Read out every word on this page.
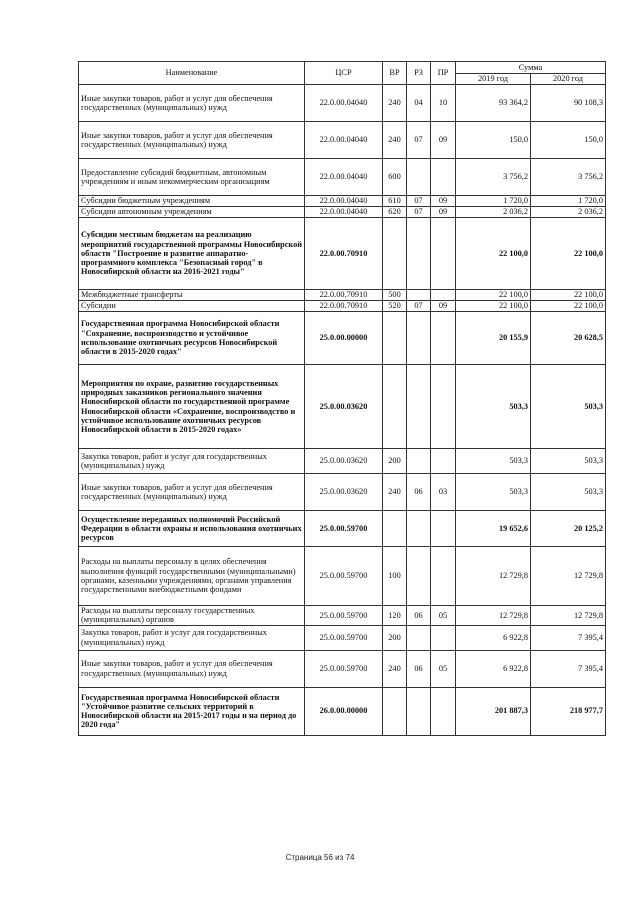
Наименование	ЦСР	ВР	РЗ	ПР	Сумма	
					2019 год	2020 год
Иные закупки товаров, работ и услуг для обеспечения государственных (муниципальных) нужд	22.0.00.04040	240	04	10	93 364,2	90 108,3
Иные закупки товаров, работ и услуг для обеспечения государственных (муниципальных) нужд	22.0.00.04040	240	07	09	150,0	150,0
Предоставление субсидий бюджетным, автономным учреждениям и иным некоммерческим организациям	22.0.00.04040	600			3 756,2	3 756,2
Субсидии бюджетным учреждениям	22.0.00.04040	610	07	09	1 720,0	1 720,0
Субсидии автономным учреждениям	22.0.00.04040	620	07	09	2 036,2	2 036,2
Субсидии местным бюджетам на реализацию мероприятий государственной программы Новосибирской области "Построение и развитие аппаратно-программного комплекса "Безопасный город" в Новосибирской области на 2016-2021 годы"	22.0.00.70910				22 100,0	22 100,0
Межбюджетные трансферты	22.0.00.70910	500			22 100,0	22 100,0
Субсидии	22.0.00.70910	520	07	09	22 100,0	22 100,0
Государственная программа Новосибирской области "Сохранение, воспроизводство и устойчивое использование охотничьих ресурсов Новосибирской области в 2015-2020 годах"	25.0.00.00000				20 155,9	20 628,5
Мероприятия по охране, развитию государственных природных заказников регионального значения Новосибирской области по государственной программе Новосибирской области «Сохранение, воспроизводство и устойчивое использование охотничьих ресурсов Новосибирской области в 2015-2020 годах»	25.0.00.03620				503,3	503,3
Закупка товаров, работ и услуг для государственных (муниципальных) нужд	25.0.00.03620	200			503,3	503,3
Иные закупки товаров, работ и услуг для обеспечения государственных (муниципальных) нужд	25.0.00.03620	240	06	03	503,3	503,3
Осуществление переданных полномочий Российской Федерации в области охраны и использования охотничьих ресурсов	25.0.00.59700				19 652,6	20 125,2
Расходы на выплаты персоналу в целях обеспечения выполнения функций государственными (муниципальными) органами, казенными учреждениями, органами управления государственными внебюджетными фондами	25.0.00.59700	100			12 729,8	12 729,8
Расходы на выплаты персоналу государственных (муниципальных) органов	25.0.00.59700	120	06	05	12 729,8	12 729,8
Закупка товаров, работ и услуг для государственных (муниципальных) нужд	25.0.00.59700	200			6 922,8	7 395,4
Иные закупки товаров, работ и услуг для обеспечения государственных (муниципальных) нужд	25.0.00.59700	240	06	05	6 922,8	7 395,4
Государственная программа Новосибирской области "Устойчивое развитие сельских территорий в Новосибирской области на 2015-2017 годы и на период до 2020 года"	26.0.00.00000				201 887,3	218 977,7
Страница 56 из 74
